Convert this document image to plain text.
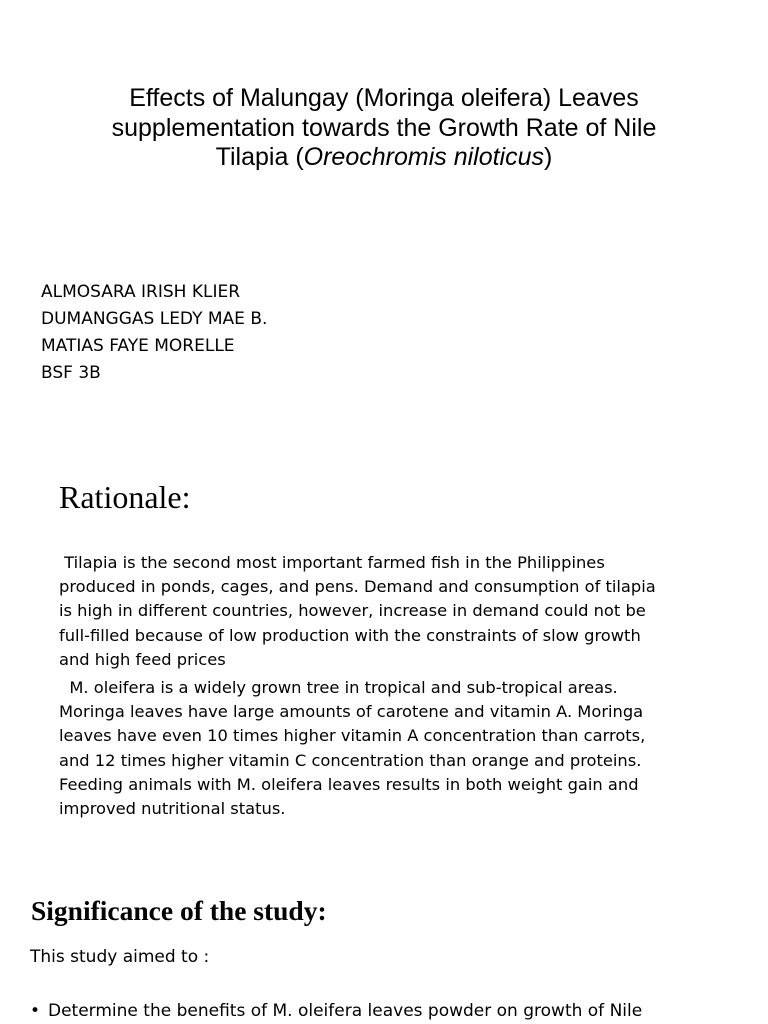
Effects of Malungay (Moringa oleifera) Leaves
supplementation towards the Growth Rate of Nile
Tilapia (Oreochromis niloticus)
ALMOSARA IRISH KLIER
DUMANGGAS LEDY MAE B.
MATIAS FAYE MORELLE
BSF 3B
Rationale:
Tilapia is the second most important farmed fish in the Philippines
produced in ponds, cages, and pens. Demand and consumption of tilapia
is high in different countries, however, increase in demand could not be
full-filled because of low production with the constraints of slow growth
and high feed prices
M. oleifera is a widely grown tree in tropical and sub-tropical areas.
Moringa leaves have large amounts of carotene and vitamin A. Moringa
leaves have even 10 times higher vitamin A concentration than carrots,
and 12 times higher vitamin C concentration than orange and proteins.
Feeding animals with M. oleifera leaves results in both weight gain and
improved nutritional status.
Significance of the study:
This study aimed to :
• Determine the benefits of M. oleifera leaves powder on growth of Nile
